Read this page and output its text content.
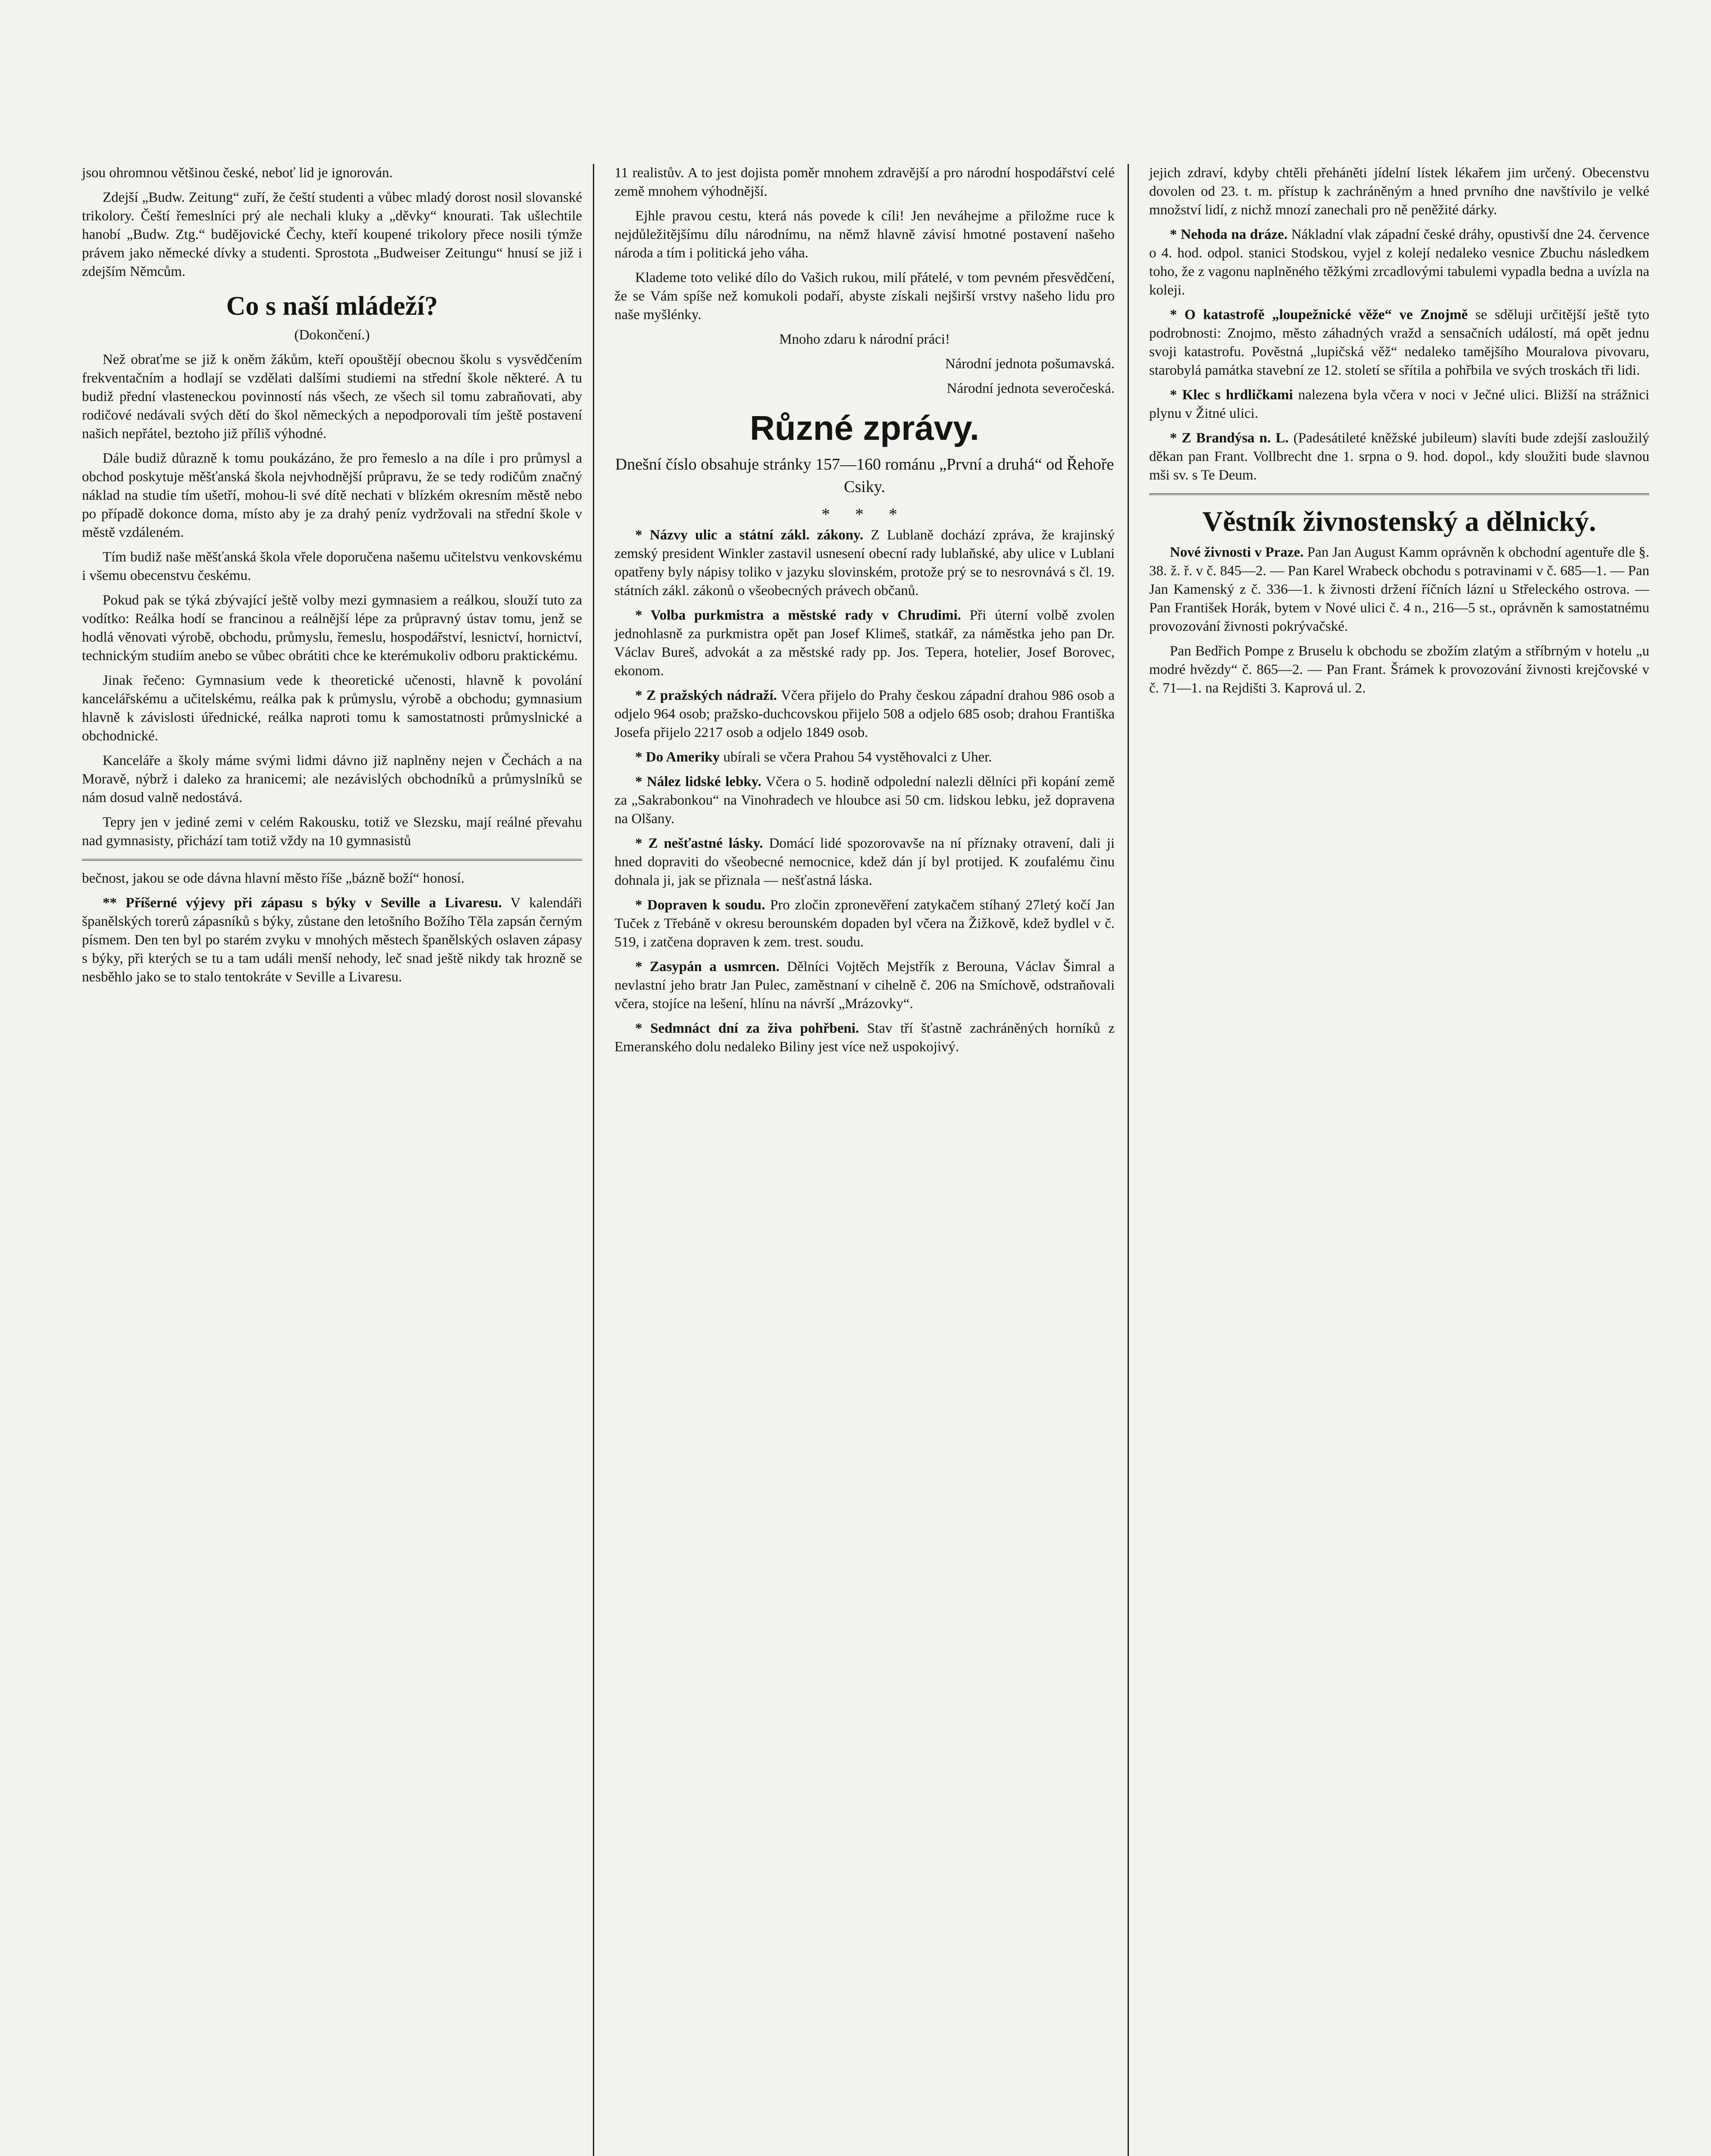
jsou ohromnou většinou české, neboť lid je ignorován.

Zdejší „Budw. Zeitung“ zuří, že čeští studenti a vůbec mladý dorost nosil slovanské trikolory. Čeští řemeslníci prý ale nechali kluky a „děvky“ knourati. Tak ušlechtile hanobí „Budw. Ztg.“ budějovické Čechy, kteří koupené trikolory přece nosili týmže právem jako německé dívky a studenti. Sprostota „Budweiser Zeitungu“ hnusí se již i zdejším Němcům.

Co s naší mládeží?
(Dokončení.)

Než obraťme se již k oněm žákům, kteří opouštějí obecnou školu s vysvědčením frekventačním a hodlají se vzdělati dalšími studiemi na střední škole některé. A tu budiž přední vlasteneckou povinností nás všech, ze všech sil tomu zabraňovati, aby rodičové nedávali svých dětí do škol německých a nepodporovali tím ještě postavení našich nepřátel, beztoho již příliš výhodné.

Dále budiž důrazně k tomu poukázáno, že pro řemeslo a na díle i pro průmysl a obchod poskytuje měšťanská škola nejvhodnější průpravu, že se tedy rodičům značný náklad na studie tím ušetří, mohou-li své dítě nechati v blízkém okresním městě nebo po případě dokonce doma, místo aby je za drahý peníz vydržovali na střední škole v městě vzdáleném.

Tím budiž naše měšťanská škola vřele doporučena našemu učitelstvu venkovskému i všemu obecenstvu českému.

Pokud pak se týká zbývající ještě volby mezi gymnasiem a reálkou, slouží tuto za vodítko: Reálka hodí se francinou a reálnější lépe za průpravný ústav tomu, jenž se hodlá věnovati výrobě, obchodu, průmyslu, řemeslu, hospodářství, lesnictví, hornictví, technickým studiím anebo se vůbec obrátiti chce ke kterémukoliv odboru praktickému.

Jinak řečeno: Gymnasium vede k theoretické učenosti, hlavně k povolání kancelářskému a učitelskému, reálka pak k průmyslu, výrobě a obchodu; gymnasium hlavně k závislosti úřednické, reálka naproti tomu k samostatnosti průmyslnické a obchodnické.

Kanceláře a školy máme svými lidmi dávno již naplněny nejen v Čechách a na Moravě, nýbrž i daleko za hranicemi; ale nezávislých obchodníků a průmyslníků se nám dosud valně nedostává.

Tepry jen v jediné zemi v celém Rakousku, totiž ve Slezsku, mají reálné převahu nad gymnasisty, přichází tam totiž vždy na 10 gymnasistů

bečnost, jakou se ode dávna hlavní město říše „bázně boží“ honosí.

** Příšerné výjevy při zápasu s býky v Seville a Livaresu. V kalendáři španělských torerů zápasníků s býky, zůstane den letošního Božího Těla zapsán černým písmem. Den ten byl po starém zvyku v mnohých městech španělských oslaven zápasy s býky, při kterých se tu a tam událi menší nehody, leč snad ještě nikdy tak hrozně se nesběhlo jako se to stalo tentokráte v Seville a Livaresu.

11 realistův. A to jest dojista poměr mnohem zdravější a pro národní hospodářství celé země mnohem výhodnější.

Ejhle pravou cestu, která nás povede k cíli! Jen neváhejme a přiložme ruce k nejdůležitějšímu dílu národnímu, na němž hlavně závisí hmotné postavení našeho národa a tím i politická jeho váha.

Klademe toto veliké dílo do Vašich rukou, milí přátelé, v tom pevném přesvědčení, že se Vám spíše než komukoli podaří, abyste získali nejširší vrstvy našeho lidu pro naše myšlénky.

Mnoho zdaru k národní práci!

Národní jednota pošumavská.

Národní jednota severočeská.

Různé zprávy.
Dnešní číslo obsahuje stránky 157—160 románu „První a druhá“ od Řehoře Csiky.
* * *

* Názvy ulic a státní zákl. zákony. Z Lublaně dochází zpráva, že krajinský zemský president Winkler zastavil usnesení obecní rady lublaňské, aby ulice v Lublani opatřeny byly nápisy toliko v jazyku slovinském, protože prý se to nesrovnává s čl. 19. státních zákl. zákonů o všeobecných právech občanů.

* Volba purkmistra a městské rady v Chrudimi. Při úterní volbě zvolen jednohlasně za purkmistra opět pan Josef Klimeš, statkář, za náměstka jeho pan Dr. Václav Bureš, advokát a za městské rady pp. Jos. Tepera, hotelier, Josef Borovec, ekonom.

* Z pražských nádraží. Včera přijelo do Prahy českou západní drahou 986 osob a odjelo 964 osob; pražsko-duchcovskou přijelo 508 a odjelo 685 osob; drahou Františka Josefa přijelo 2217 osob a odjelo 1849 osob.

* Do Ameriky ubírali se včera Prahou 54 vystěhovalci z Uher.

* Nález lidské lebky. Včera o 5. hodině odpolední nalezli dělníci při kopání země za „Sakrabonkou“ na Vinohradech ve hloubce asi 50 cm. lidskou lebku, jež dopravena na Olšany.

* Z nešťastné lásky. Domácí lidé spozorovavše na ní příznaky otravení, dali ji hned dopraviti do všeobecné nemocnice, kdež dán jí byl protijed. K zoufalému činu dohnala ji, jak se přiznala — nešťastná láska.

* Dopraven k soudu. Pro zločin zpronevěření zatykačem stíhaný 27letý kočí Jan Tuček z Třebáně v okresu berounském dopaden byl včera na Žižkově, kdež bydlel v č. 519, i zatčena dopraven k zem. trest. soudu.

* Zasypán a usmrcen. Dělníci Vojtěch Mejstřík z Berouna, Václav Šimral a nevlastní jeho bratr Jan Pulec, zaměstnaní v cihelně č. 206 na Smíchově, odstraňovali včera, stojíce na lešení, hlínu na návrší „Mrázovky“.

* Sedmnáct dní za živa pohřbeni. Stav tří šťastně zachráněných horníků z Emeranského dolu nedaleko Biliny jest více než uspokojivý.

jejich zdraví, kdyby chtěli přeháněti jídelní lístek lékařem jim určený. Obecenstvu dovolen od 23. t. m. přístup k zachráněným a hned prvního dne navštívilo je velké množství lidí, z nichž mnozí zanechali pro ně peněžité dárky.

* Nehoda na dráze. Nákladní vlak západní české dráhy, opustivší dne 24. července o 4. hod. odpol. stanici Stodskou, vyjel z kolejí nedaleko vesnice Zbuchu následkem toho, že z vagonu naplněného těžkými zrcadlovými tabulemi vypadla bedna a uvízla na koleji.

* O katastrofě „loupežnické věže“ ve Znojmě se sděluji určitější ještě tyto podrobnosti: Znojmo, město záhadných vražd a sensačních událostí, má opět jednu svoji katastrofu. Pověstná „lupičská věž“ nedaleko tamějšího Mouralova pivovaru, starobylá památka stavební ze 12. století se sřítila a pohřbila ve svých troskách tři lidi.

* Klec s hrdličkami nalezena byla včera v noci v Ječné ulici. Bližší na strážnici plynu v Žitné ulici.

* Z Brandýsa n. L. (Padesátileté kněžské jubileum) slavíti bude zdejší zasloužilý děkan pan Frant. Vollbrecht dne 1. srpna o 9. hod. dopol., kdy sloužiti bude slavnou mši sv. s Te Deum.

Věstník živnostenský a dělnický.

Nové živnosti v Praze. Pan Jan August Kamm oprávněn k obchodní agentuře dle §. 38. ž. ř. v č. 845—2. — Pan Karel Wrabeck obchodu s potravinami v č. 685—1. — Pan Jan Kamenský z č. 336—1. k živnosti držení říčních lázní u Střeleckého ostrova. — Pan František Horák, bytem v Nové ulici č. 4 n., 216—5 st., oprávněn k samostatnému provozování živnosti pokrývačské.

Pan Bedřich Pompe z Bruselu k obchodu se zbožím zlatým a stříbrným v hotelu „u modré hvězdy“ č. 865—2. — Pan Frant. Šrámek k provozování živnosti krejčovské v č. 71—1. na Rejdišti 3. Kaprová ul. 2.
